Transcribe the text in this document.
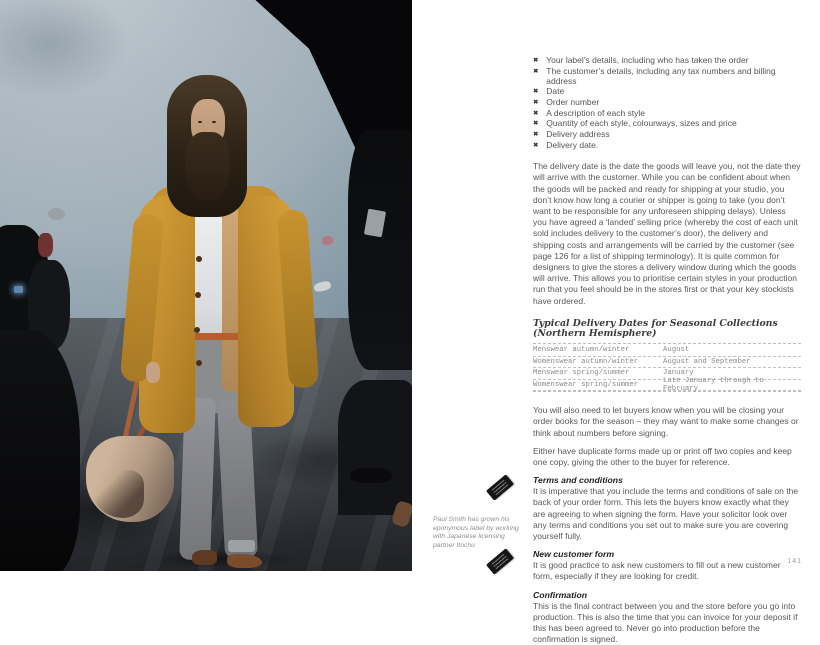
Paul Smith has grown his eponymous label by working with Japanese licensing partner Itochu
✖ Your label’s details, including who has taken the order
✖ The customer’s details, including any tax numbers and billing address
✖ Date
✖ Order number
✖ A description of each style
✖ Quantity of each style, colourways, sizes and price
✖ Delivery address
✖ Delivery date.

The delivery date is the date the goods will leave you, not the date they will arrive with the customer. While you can be confident about when the goods will be packed and ready for shipping at your studio, you don’t know how long a courier or shipper is going to take (you don’t want to be responsible for any unforeseen shipping delays). Unless you have agreed a ‘landed’ selling price (whereby the cost of each unit sold includes delivery to the customer’s door), the delivery and shipping costs and arrangements will be carried by the customer (see page 126 for a list of shipping terminology). It is quite common for designers to give the stores a delivery window during which the goods will arrive. This allows you to prioritise certain styles in your production run that you feel should be in the stores first or that your key stockists have ordered.

Typical Delivery Dates for Seasonal Collections
(Northern Hemisphere)
Menswear autumn/winter	August
Womenswear autumn/winter	August and September
Menswear spring/summer	January
Womenswear spring/summer	Late January through to February

You will also need to let buyers know when you will be closing your order books for the season – they may want to make some changes or think about numbers before signing.

Either have duplicate forms made up or print off two copies and keep one copy, giving the other to the buyer for reference.

Terms and conditions

It is imperative that you include the terms and conditions of sale on the back of your order form. This lets the buyers know exactly what they are agreeing to when signing the form. Have your solicitor look over any terms and conditions you set out to make sure you are covering yourself fully.

New customer form

It is good practice to ask new customers to fill out a new customer form, especially if they are looking for credit.

Confirmation

This is the final contract between you and the store before you go into production. This is also the time that you can invoice for your deposit if this has been agreed to. Never go into production before the confirmation is signed.

141
